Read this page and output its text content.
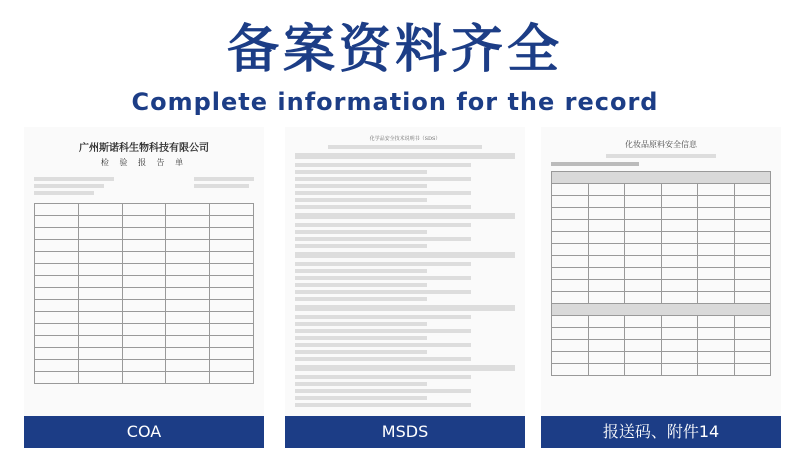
备案资料齐全
Complete information for the record
广州斯诺科生物科技有限公司
检 验 报 告 单

COA
化学品安全技术说明书（SDS）
MSDS
化妆品原料安全信息

报送码、附件14
